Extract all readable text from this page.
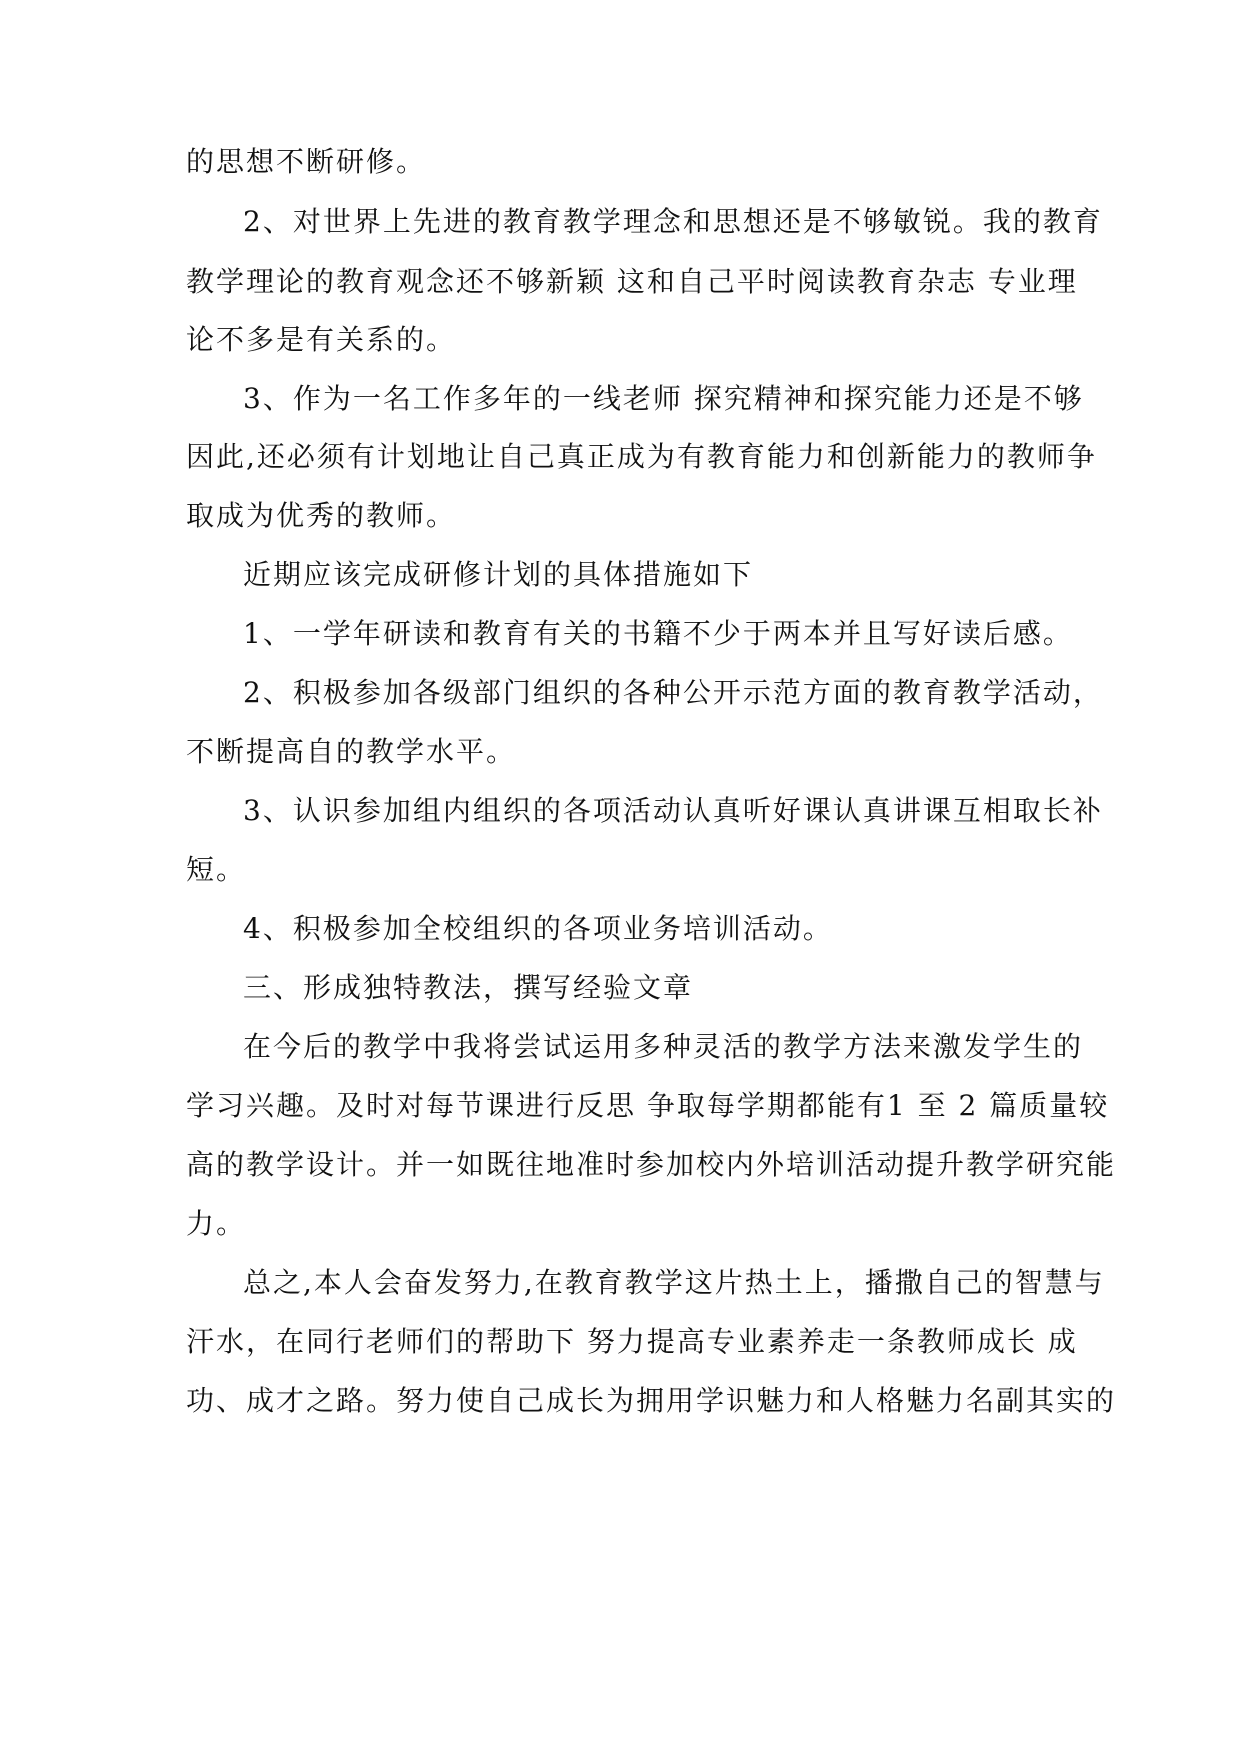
的思想不断研修。
2、对世界上先进的教育教学理念和思想还是不够敏锐。我的教育
教学理论的教育观念还不够新颖 这和自己平时阅读教育杂志 专业理
论不多是有关系的。
3、作为一名工作多年的一线老师 探究精神和探究能力还是不够
因此,还必须有计划地让自己真正成为有教育能力和创新能力的教师争
取成为优秀的教师。
近期应该完成研修计划的具体措施如下
1、一学年研读和教育有关的书籍不少于两本并且写好读后感。
2、积极参加各级部门组织的各种公开示范方面的教育教学活动，
不断提高自的教学水平。
3、认识参加组内组织的各项活动认真听好课认真讲课互相取长补
短。
4、积极参加全校组织的各项业务培训活动。
三、形成独特教法，撰写经验文章
在今后的教学中我将尝试运用多种灵活的教学方法来激发学生的
学习兴趣。及时对每节课进行反思 争取每学期都能有1 至 2 篇质量较
高的教学设计。并一如既往地准时参加校内外培训活动提升教学研究能
力。
总之,本人会奋发努力,在教育教学这片热土上，播撒自己的智慧与
汗水，在同行老师们的帮助下 努力提高专业素养走一条教师成长 成
功、成才之路。努力使自己成长为拥用学识魅力和人格魅力名副其实的
